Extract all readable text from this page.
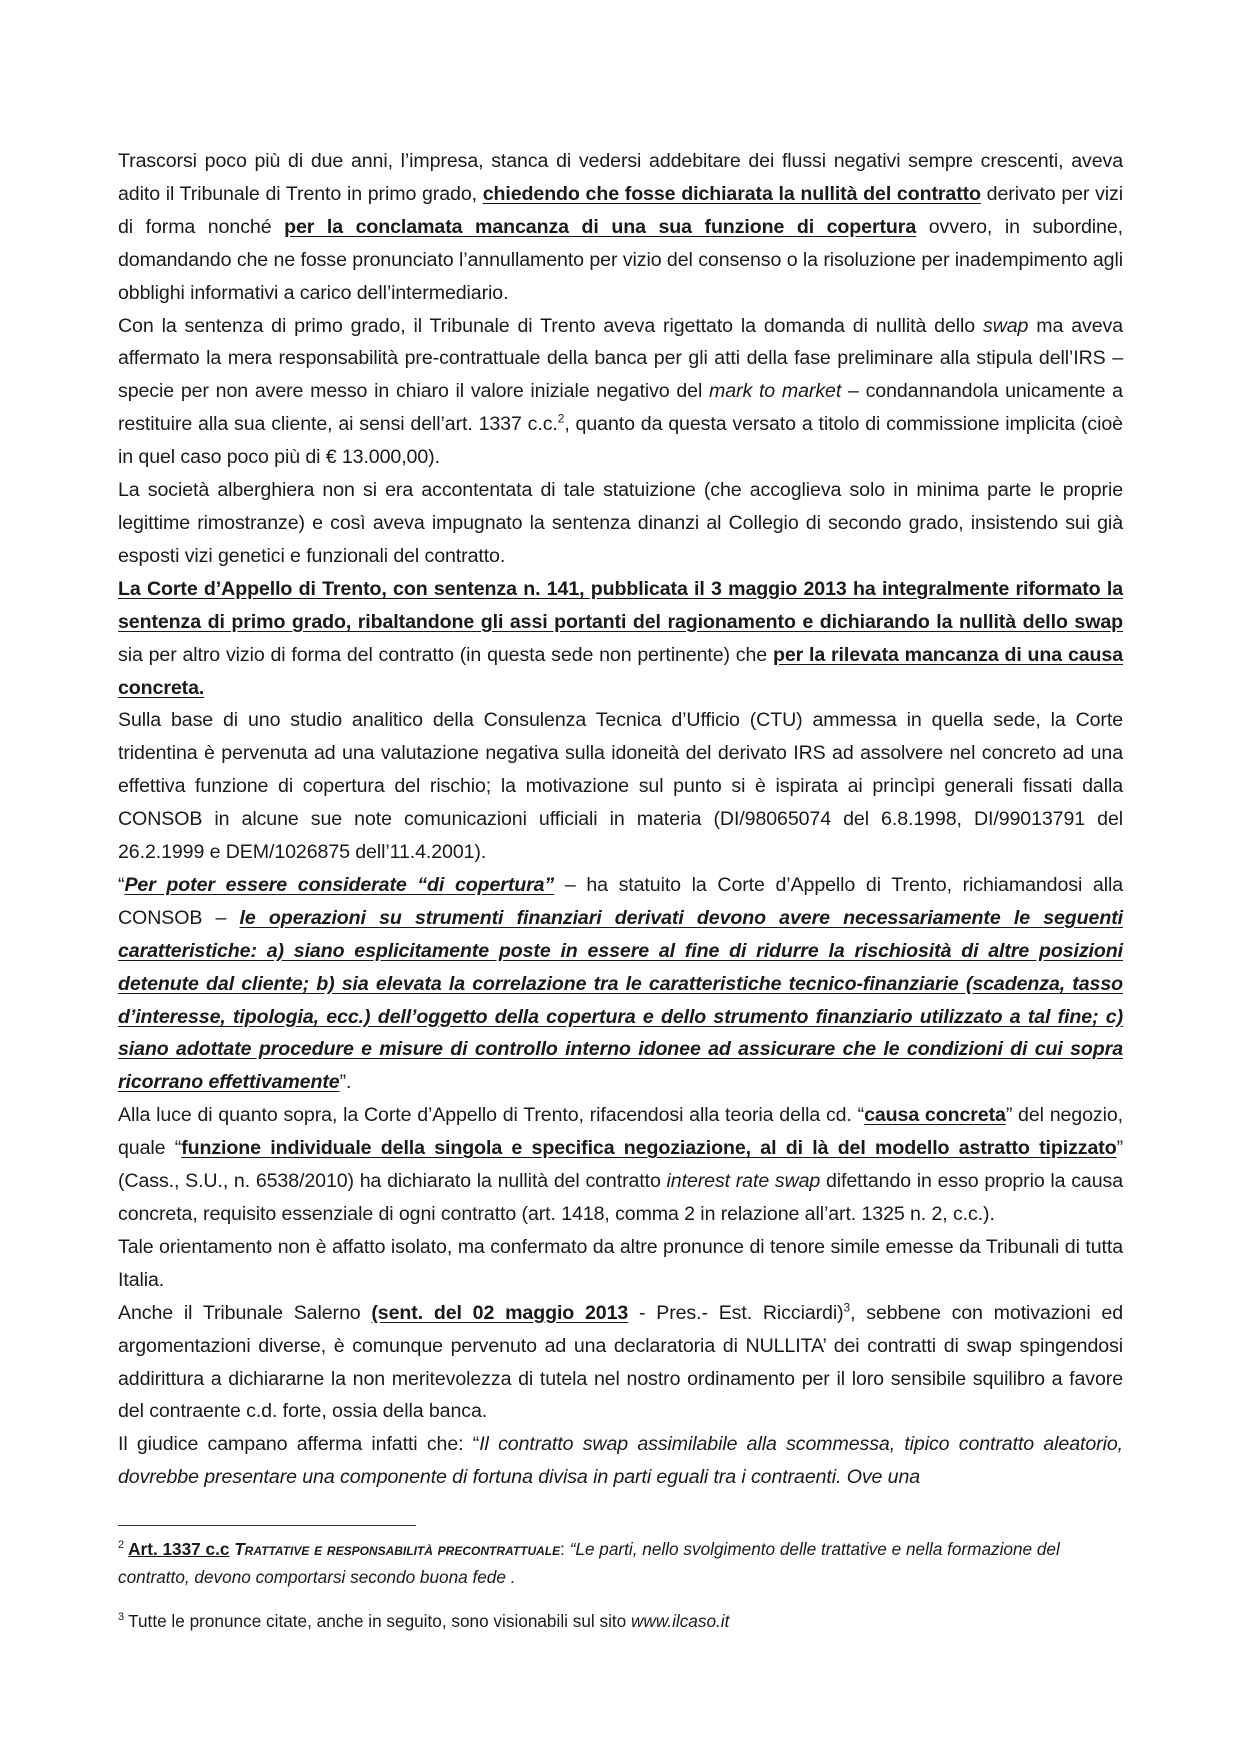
Trascorsi poco più di due anni, l’impresa, stanca di vedersi addebitare dei flussi negativi sempre crescenti, aveva adito il Tribunale di Trento in primo grado, chiedendo che fosse dichiarata la nullità del contratto derivato per vizi di forma nonché per la conclamata mancanza di una sua funzione di copertura ovvero, in subordine, domandando che ne fosse pronunciato l’annullamento per vizio del consenso o la risoluzione per inadempimento agli obblighi informativi a carico dell’intermediario.

Con la sentenza di primo grado, il Tribunale di Trento aveva rigettato la domanda di nullità dello swap ma aveva affermato la mera responsabilità pre-contrattuale della banca per gli atti della fase preliminare alla stipula dell’IRS – specie per non avere messo in chiaro il valore iniziale negativo del mark to market – condannandola unicamente a restituire alla sua cliente, ai sensi dell’art. 1337 c.c.$^2$, quanto da questa versato a titolo di commissione implicita (cioè in quel caso poco più di € 13.000,00).

La società alberghiera non si era accontentata di tale statuizione (che accoglieva solo in minima parte le proprie legittime rimostranze) e così aveva impugnato la sentenza dinanzi al Collegio di secondo grado, insistendo sui già esposti vizi genetici e funzionali del contratto.

La Corte d’Appello di Trento, con sentenza n. 141, pubblicata il 3 maggio 2013 ha integralmente riformato la sentenza di primo grado, ribaltandone gli assi portanti del ragionamento e dichiarando la nullità dello swap sia per altro vizio di forma del contratto (in questa sede non pertinente) che per la rilevata mancanza di una causa concreta.

Sulla base di uno studio analitico della Consulenza Tecnica d’Ufficio (CTU) ammessa in quella sede, la Corte tridentina è pervenuta ad una valutazione negativa sulla idoneità del derivato IRS ad assolvere nel concreto ad una effettiva funzione di copertura del rischio; la motivazione sul punto si è ispirata ai princìpi generali fissati dalla CONSOB in alcune sue note comunicazioni ufficiali in materia (DI/98065074 del 6.8.1998, DI/99013791 del 26.2.1999 e DEM/1026875 dell’11.4.2001).

“Per poter essere considerate “di copertura” – ha statuito la Corte d’Appello di Trento, richiamandosi alla CONSOB – le operazioni su strumenti finanziari derivati devono avere necessariamente le seguenti caratteristiche: a) siano esplicitamente poste in essere al fine di ridurre la rischiosità di altre posizioni detenute dal cliente; b) sia elevata la correlazione tra le caratteristiche tecnico-finanziarie (scadenza, tasso d’interesse, tipologia, ecc.) dell’oggetto della copertura e dello strumento finanziario utilizzato a tal fine; c) siano adottate procedure e misure di controllo interno idonee ad assicurare che le condizioni di cui sopra ricorrano effettivamente”.

Alla luce di quanto sopra, la Corte d’Appello di Trento, rifacendosi alla teoria della cd. “causa concreta” del negozio, quale “funzione individuale della singola e specifica negoziazione, al di là del modello astratto tipizzato” (Cass., S.U., n. 6538/2010) ha dichiarato la nullità del contratto interest rate swap difettando in esso proprio la causa concreta, requisito essenziale di ogni contratto (art. 1418, comma 2 in relazione all’art. 1325 n. 2, c.c.).

Tale orientamento non è affatto isolato, ma confermato da altre pronunce di tenore simile emesse da Tribunali di tutta Italia.

Anche il Tribunale Salerno (sent. del 02 maggio 2013 - Pres.- Est. Ricciardi)$^3$, sebbene con motivazioni ed argomentazioni diverse, è comunque pervenuto ad una declaratoria di NULLITA’ dei contratti di swap spingendosi addirittura a dichiararne la non meritevolezza di tutela nel nostro ordinamento per il loro sensibile squilibro a favore del contraente c.d. forte, ossia della banca.

Il giudice campano afferma infatti che: “Il contratto swap assimilabile alla scommessa, tipico contratto aleatorio, dovrebbe presentare una componente di fortuna divisa in parti eguali tra i contraenti. Ove una

$^2$ Art. 1337 c.c Trattative e responsabilità precontrattuale: “Le parti, nello svolgimento delle trattative e nella formazione del contratto, devono comportarsi secondo buona fede .

$^3$ Tutte le pronunce citate, anche in seguito, sono visionabili sul sito www.ilcaso.it
